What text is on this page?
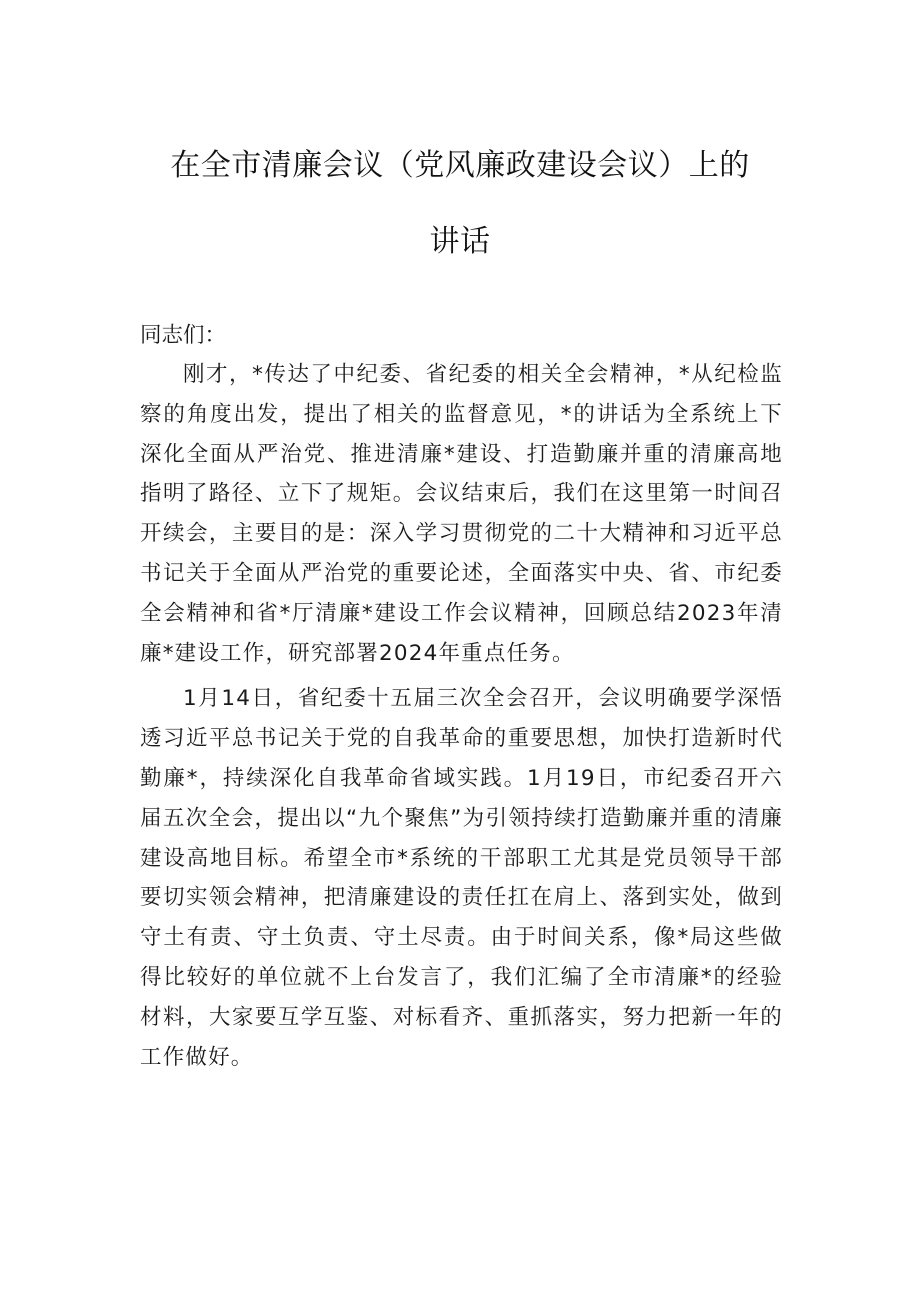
在全市清廉会议（党风廉政建设会议）上的
讲话

同志们：

刚才，*传达了中纪委、省纪委的相关全会精神，*从纪检监察的角度出发，提出了相关的监督意见，*的讲话为全系统上下深化全面从严治党、推进清廉*建设、打造勤廉并重的清廉高地指明了路径、立下了规矩。会议结束后，我们在这里第一时间召开续会，主要目的是：深入学习贯彻党的二十大精神和习近平总书记关于全面从严治党的重要论述，全面落实中央、省、市纪委全会精神和省*厅清廉*建设工作会议精神，回顾总结2023年清廉*建设工作，研究部署2024年重点任务。

1月14日，省纪委十五届三次全会召开，会议明确要学深悟透习近平总书记关于党的自我革命的重要思想，加快打造新时代勤廉*，持续深化自我革命省域实践。1月19日，市纪委召开六届五次全会，提出以“九个聚焦”为引领持续打造勤廉并重的清廉建设高地目标。希望全市*系统的干部职工尤其是党员领导干部要切实领会精神，把清廉建设的责任扛在肩上、落到实处，做到守土有责、守土负责、守土尽责。由于时间关系，像*局这些做得比较好的单位就不上台发言了，我们汇编了全市清廉*的经验材料，大家要互学互鉴、对标看齐、重抓落实，努力把新一年的工作做好。
